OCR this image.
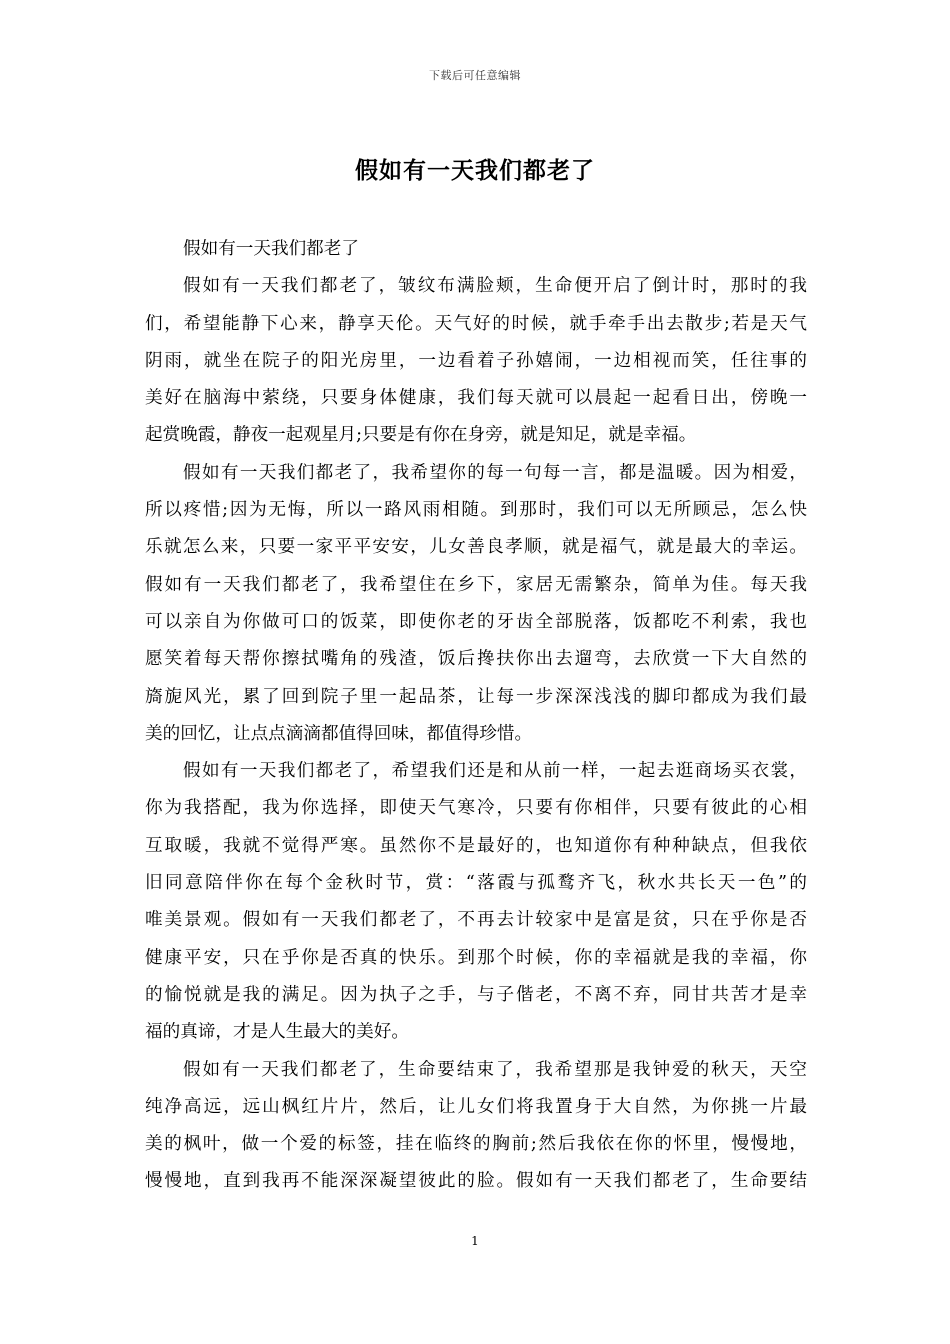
下载后可任意编辑
假如有一天我们都老了
假如有一天我们都老了
假如有一天我们都老了，皱纹布满脸颊，生命便开启了倒计时，那时的我
们，希望能静下心来，静享天伦。天气好的时候，就手牵手出去散步;若是天气
阴雨，就坐在院子的阳光房里，一边看着子孙嬉闹，一边相视而笑，任往事的
美好在脑海中萦绕，只要身体健康，我们每天就可以晨起一起看日出，傍晚一
起赏晚霞，静夜一起观星月;只要是有你在身旁，就是知足，就是幸福。
假如有一天我们都老了，我希望你的每一句每一言，都是温暖。因为相爱，
所以疼惜;因为无悔，所以一路风雨相随。到那时，我们可以无所顾忌，怎么快
乐就怎么来，只要一家平平安安，儿女善良孝顺，就是福气，就是最大的幸运。
假如有一天我们都老了，我希望住在乡下，家居无需繁杂，简单为佳。每天我
可以亲自为你做可口的饭菜，即使你老的牙齿全部脱落，饭都吃不利索，我也
愿笑着每天帮你擦拭嘴角的残渣，饭后搀扶你出去遛弯，去欣赏一下大自然的
旖旎风光，累了回到院子里一起品茶，让每一步深深浅浅的脚印都成为我们最
美的回忆，让点点滴滴都值得回味，都值得珍惜。
假如有一天我们都老了，希望我们还是和从前一样，一起去逛商场买衣裳，
你为我搭配，我为你选择，即使天气寒冷，只要有你相伴，只要有彼此的心相
互取暖，我就不觉得严寒。虽然你不是最好的，也知道你有种种缺点，但我依
旧同意陪伴你在每个金秋时节，赏：“落霞与孤鹜齐飞，秋水共长天一色”的
唯美景观。假如有一天我们都老了，不再去计较家中是富是贫，只在乎你是否
健康平安，只在乎你是否真的快乐。到那个时候，你的幸福就是我的幸福，你
的愉悦就是我的满足。因为执子之手，与子偕老，不离不弃，同甘共苦才是幸
福的真谛，才是人生最大的美好。
假如有一天我们都老了，生命要结束了，我希望那是我钟爱的秋天，天空
纯净高远，远山枫红片片，然后，让儿女们将我置身于大自然，为你挑一片最
美的枫叶，做一个爱的标签，挂在临终的胸前;然后我依在你的怀里，慢慢地，
慢慢地，直到我再不能深深凝望彼此的脸。假如有一天我们都老了，生命要结
1
